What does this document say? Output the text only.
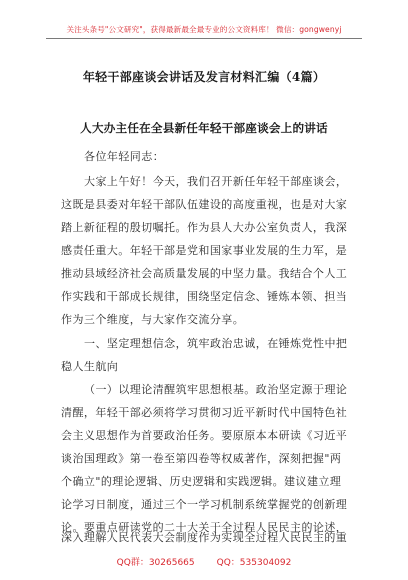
关注头条号"公文研究"，获得最新最全最专业的公文资料库！ 微信：gongwenyj
年轻干部座谈会讲话及发言材料汇编（4篇）
人大办主任在全县新任年轻干部座谈会上的讲话
各位年轻同志：
大家上午好！今天，我们召开新任年轻干部座谈会，
这既是县委对年轻干部队伍建设的高度重视，也是对大家
踏上新征程的殷切嘱托。作为县人大办公室负责人，我深
感责任重大。年轻干部是党和国家事业发展的生力军，是
推动县域经济社会高质量发展的中坚力量。我结合个人工
作实践和干部成长规律，围绕坚定信念、锤炼本领、担当
作为三个维度，与大家作交流分享。
一、坚定理想信念，筑牢政治忠诚，在锤炼党性中把
稳人生航向
（一）以理论清醒筑牢思想根基。政治坚定源于理论
清醒，年轻干部必须将学习贯彻习近平新时代中国特色社
会主义思想作为首要政治任务。要原原本本研读《习近平
谈治国理政》第一卷至第四卷等权威著作，深刻把握"两
个确立"的理论逻辑、历史逻辑和实践逻辑。建议建立理
论学习日制度，通过三个一学习机制系统掌握党的创新理
论。要重点研读党的二十大关于全过程人民民主的论述，
QQ群：30265665 QQ：535304092
深入理解人民代表大会制度作为实现全过程人民民主的重
